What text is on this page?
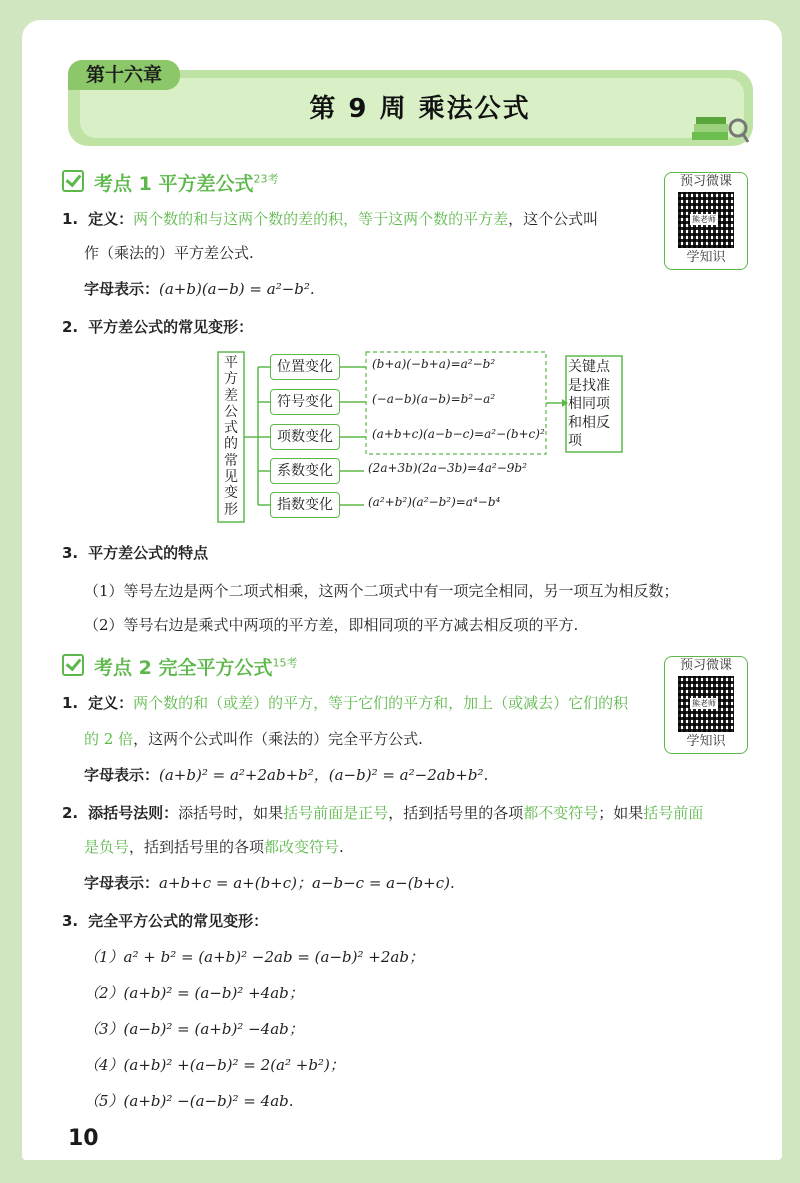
第十六章
第 9 周 乘法公式
考点 1 平方差公式$^{23考}$	预习微课
熊老师
学知识
1. 定义：两个数的和与这两个数的差的积，等于这两个数的平方差，这个公式叫
作（乘法的）平方差公式.
字母表示：(a+b)(a−b) = a²−b².
2. 平方差公式的常见变形：
平
方
差
公
式
的
常
见
变
形
位置变化	(b+a)(−b+a)=a²−b²
符号变化	(−a−b)(a−b)=b²−a²
项数变化	(a+b+c)(a−b−c)=a²−(b+c)²
系数变化	(2a+3b)(2a−3b)=4a²−9b²
指数变化	(a²+b²)(a²−b²)=a⁴−b⁴
关键点
是找准
相同项
和相反
项
3. 平方差公式的特点
（1）等号左边是两个二项式相乘，这两个二项式中有一项完全相同，另一项互为相反数；
（2）等号右边是乘式中两项的平方差，即相同项的平方减去相反项的平方.
考点 2 完全平方公式$^{15考}$	预习微课
熊老师
学知识
1. 定义：两个数的和（或差）的平方，等于它们的平方和，加上（或减去）它们的积
的 2 倍，这两个公式叫作（乘法的）完全平方公式.
字母表示：(a+b)² = a²+2ab+b²，(a−b)² = a²−2ab+b².
2. 添括号法则：添括号时，如果括号前面是正号，括到括号里的各项都不变符号；如果括号前面
是负号，括到括号里的各项都改变符号.
字母表示：a+b+c = a+(b+c)；a−b−c = a−(b+c).
3. 完全平方公式的常见变形：
（1）a² + b² = (a+b)² −2ab = (a−b)² +2ab；
（2）(a+b)² = (a−b)² +4ab；
（3）(a−b)² = (a+b)² −4ab；
（4）(a+b)² +(a−b)² = 2(a² +b²)；
（5）(a+b)² −(a−b)² = 4ab.
10
